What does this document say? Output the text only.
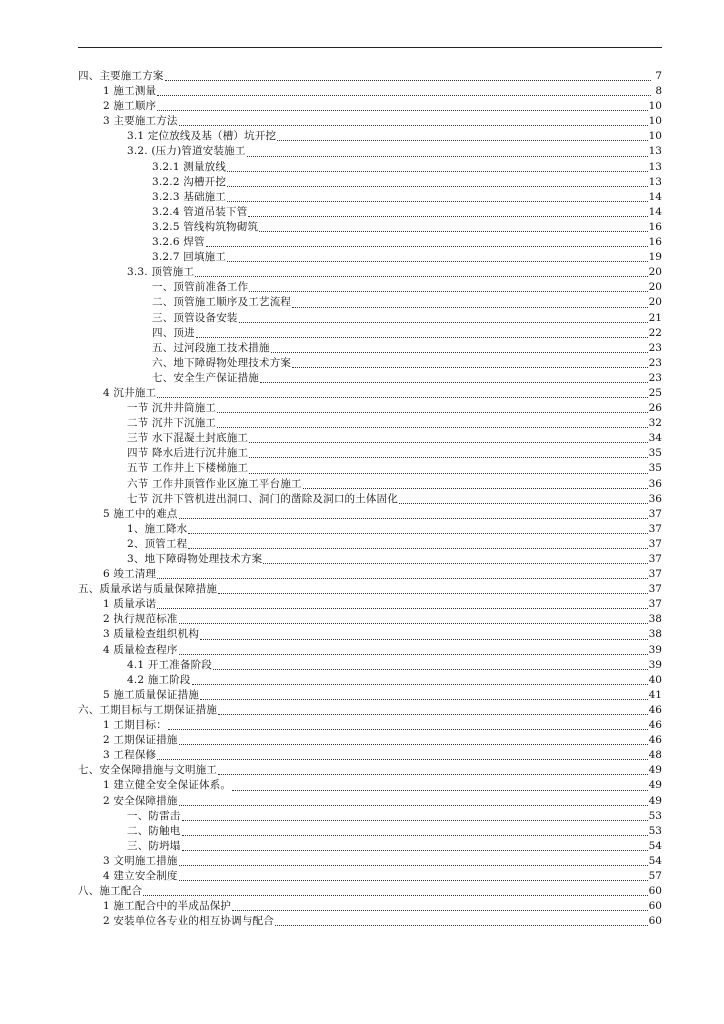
四、主要施工方案	7
1 施工测量	8
2 施工顺序	10
3 主要施工方法	10
3.1 定位放线及基（槽）坑开挖	10
3.2. (压力)管道安装施工	13
3.2.1 测量放线	13
3.2.2 沟槽开挖	13
3.2.3 基础施工	14
3.2.4 管道吊装下管	14
3.2.5 管线构筑物砌筑	16
3.2.6 焊管	16
3.2.7 回填施工	19
3.3. 顶管施工	20
一、顶管前准备工作	20
二、顶管施工顺序及工艺流程	20
三、顶管设备安装	21
四、顶进	22
五、过河段施工技术措施	23
六、地下障碍物处理技术方案	23
七、安全生产保证措施	23
4 沉井施工	25
一节 沉井井筒施工	26
二节 沉井下沉施工	32
三节 水下混凝土封底施工	34
四节 降水后进行沉井施工	35
五节 工作井上下楼梯施工	35
六节 工作井顶管作业区施工平台施工	36
七节 沉井下管机进出洞口、洞门的凿除及洞口的土体固化	36
5 施工中的难点	37
1、施工降水	37
2、顶管工程	37
3、地下障碍物处理技术方案	37
6 竣工清理	37
五、质量承诺与质量保障措施	37
1 质量承诺	37
2 执行规范标准	38
3 质量检查组织机构	38
4 质量检查程序	39
4.1 开工准备阶段	39
4.2 施工阶段	40
5 施工质量保证措施	41
六、工期目标与工期保证措施	46
1 工期目标：	46
2 工期保证措施	46
3 工程保修	48
七、安全保障措施与文明施工	49
1 建立健全安全保证体系。	49
2 安全保障措施	49
一、防雷击	53
二、防触电	53
三、防坍塌	54
3 文明施工措施	54
4 建立安全制度	57
八、施工配合	60
1 施工配合中的半成品保护	60
2 安装单位各专业的相互协调与配合	60
